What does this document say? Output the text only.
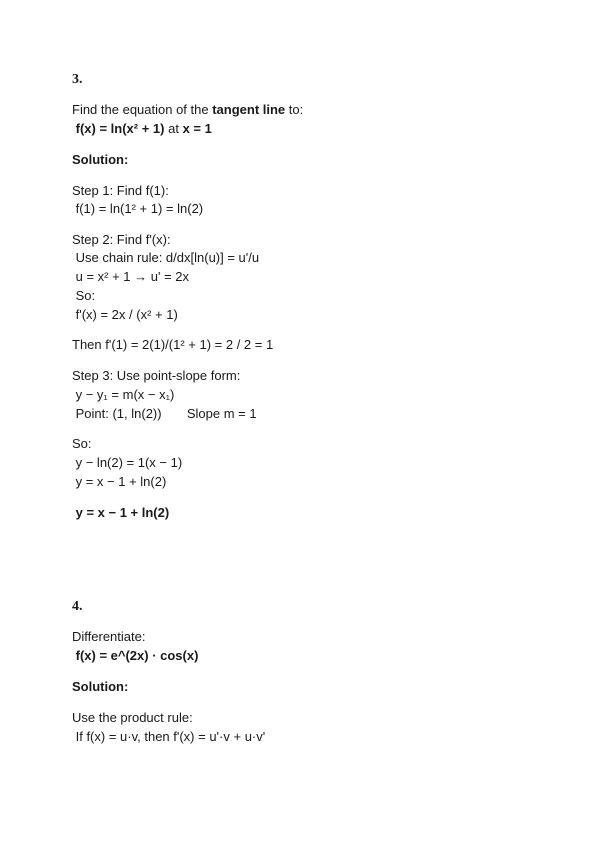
3.
Find the equation of the tangent line to:
f(x) = ln(x² + 1) at x = 1
Solution:
Step 1: Find f(1):
f(1) = ln(1² + 1) = ln(2)
Step 2: Find f'(x):
Use chain rule: d/dx[ln(u)] = u'/u
u = x² + 1 → u' = 2x
So:
f'(x) = 2x / (x² + 1)
Then f'(1) = 2(1)/(1² + 1) = 2 / 2 = 1
Step 3: Use point-slope form:
y − y₁ = m(x − x₁)
Point: (1, ln(2))       Slope m = 1
So:
y − ln(2) = 1(x − 1)
y = x − 1 + ln(2)
y = x − 1 + ln(2)
4.
Differentiate:
f(x) = e^(2x) · cos(x)
Solution:
Use the product rule:
If f(x) = u·v, then f'(x) = u'·v + u·v'
